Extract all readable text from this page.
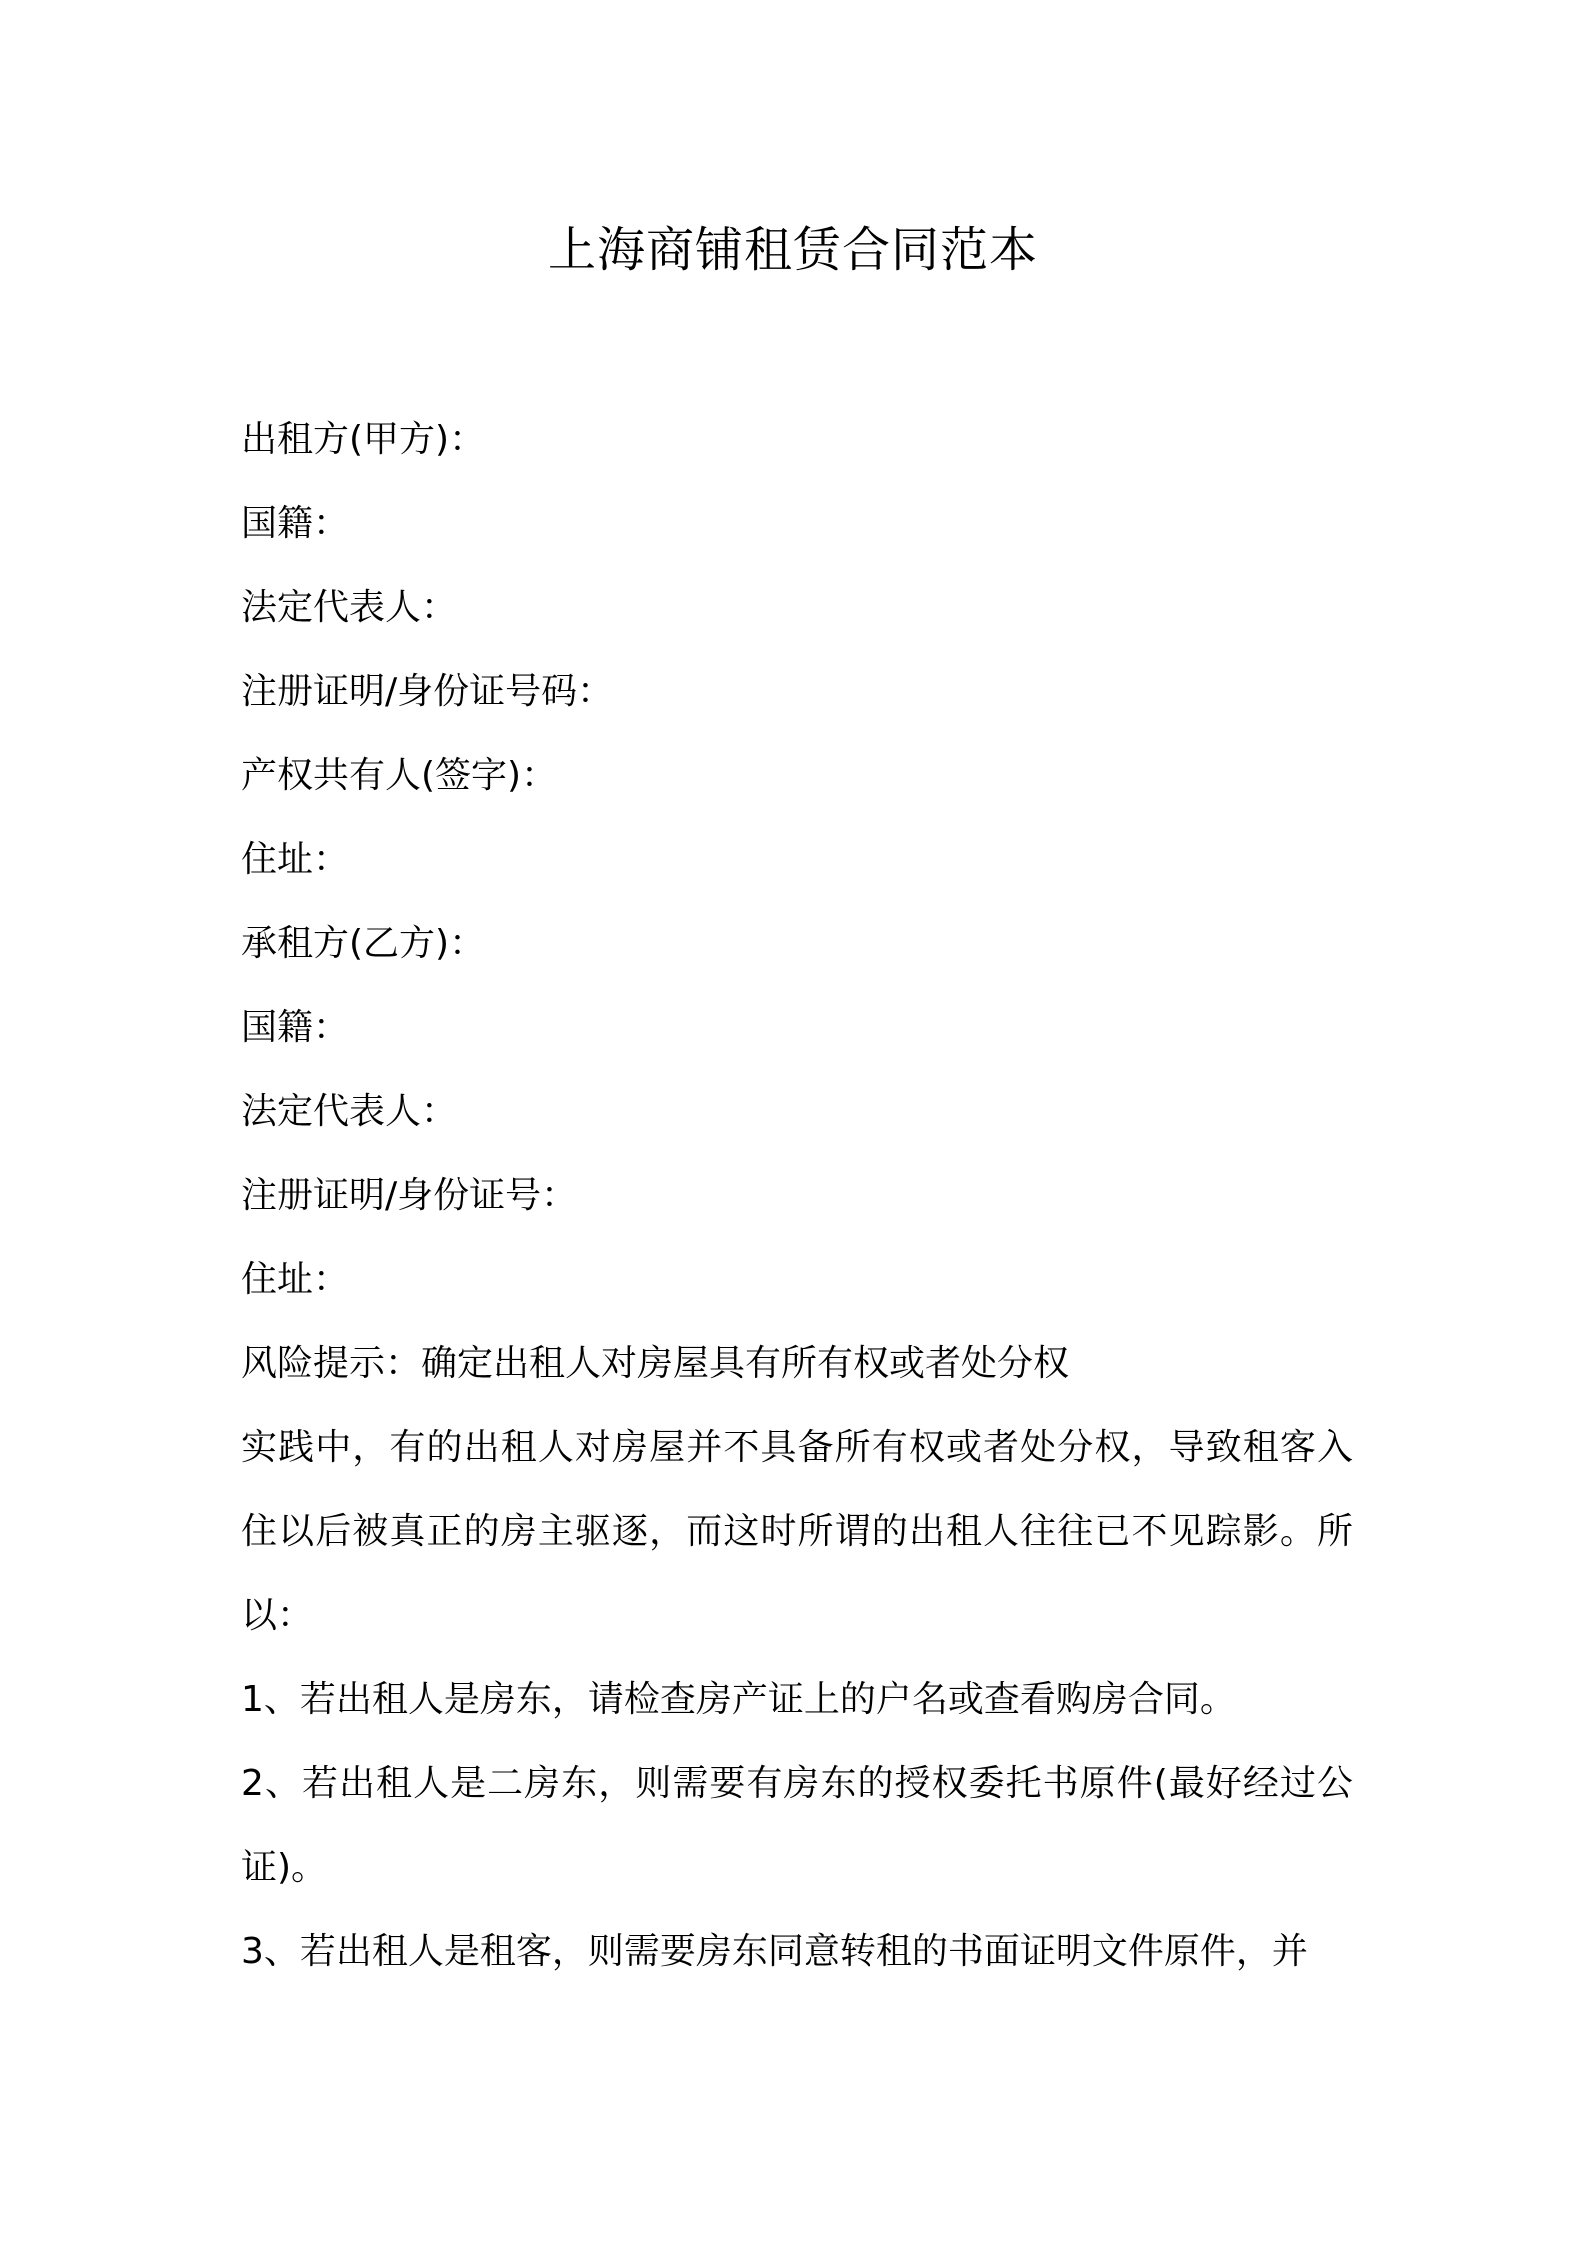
上海商铺租赁合同范本
出租方(甲方)：
国籍：
法定代表人：
注册证明/身份证号码：
产权共有人(签字)：
住址：
承租方(乙方)：
国籍：
法定代表人：
注册证明/身份证号：
住址：
风险提示：确定出租人对房屋具有所有权或者处分权
实践中，有的出租人对房屋并不具备所有权或者处分权，导致租客入住以后被真正的房主驱逐，而这时所谓的出租人往往已不见踪影。所以：
1、若出租人是房东，请检查房产证上的户名或查看购房合同。
2、若出租人是二房东，则需要有房东的授权委托书原件(最好经过公证)。
3、若出租人是租客，则需要房东同意转租的书面证明文件原件，并
